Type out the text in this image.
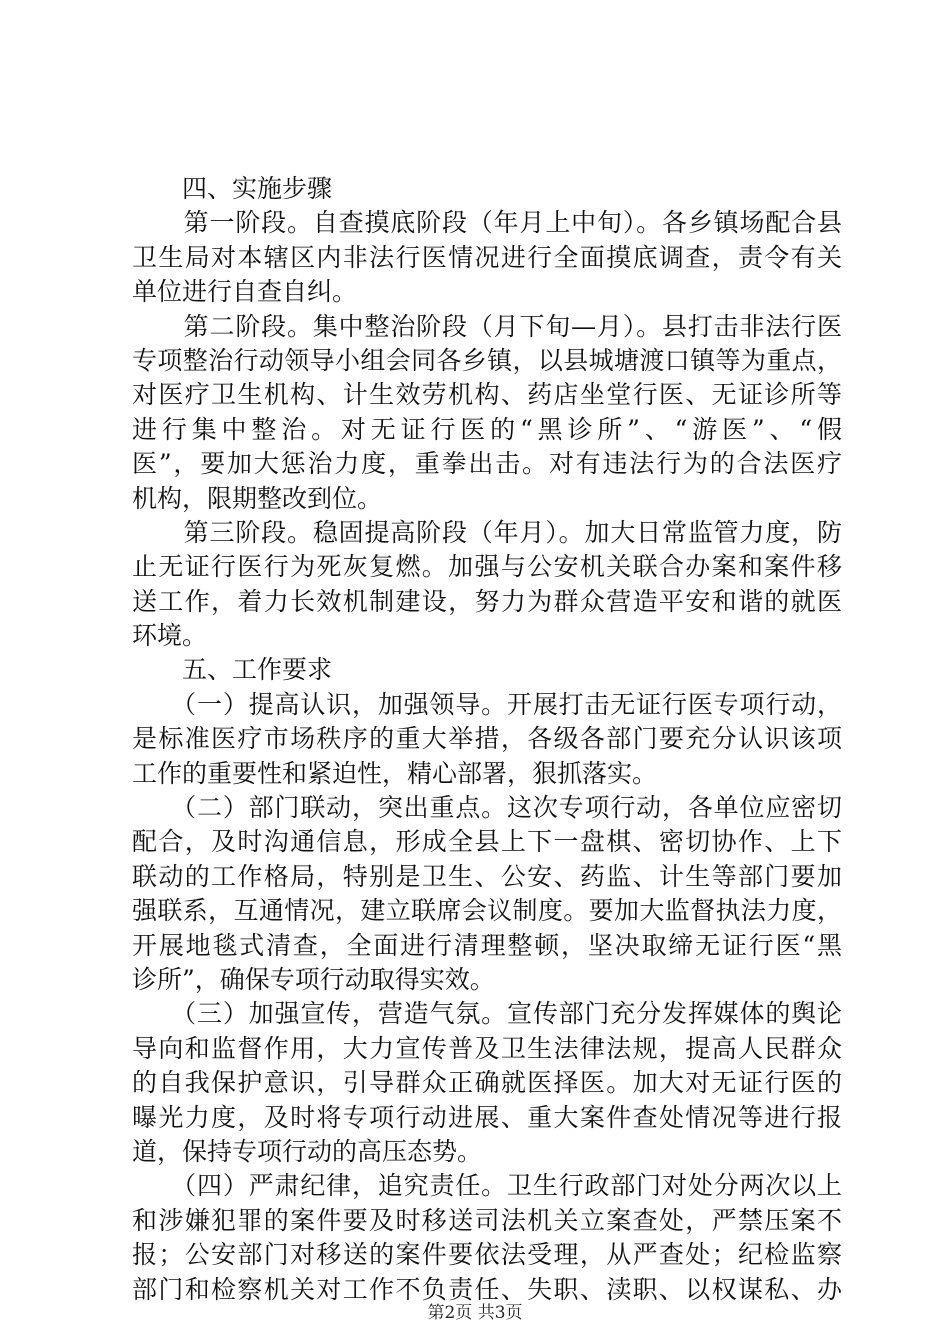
　　四、实施步骤
　　第一阶段。自查摸底阶段（年月上中旬）。各乡镇场配合县
卫生局对本辖区内非法行医情况进行全面摸底调查，责令有关
单位进行自查自纠。
　　第二阶段。集中整治阶段（月下旬—月）。县打击非法行医
专项整治行动领导小组会同各乡镇，以县城塘渡口镇等为重点，
对医疗卫生机构、计生效劳机构、药店坐堂行医、无证诊所等
进行集中整治。对无证行医的“黑诊所”、“游医”、“假
医”，要加大惩治力度，重拳出击。对有违法行为的合法医疗
机构，限期整改到位。
　　第三阶段。稳固提高阶段（年月）。加大日常监管力度，防
止无证行医行为死灰复燃。加强与公安机关联合办案和案件移
送工作，着力长效机制建设，努力为群众营造平安和谐的就医
环境。
　　五、工作要求
　　（一）提高认识，加强领导。开展打击无证行医专项行动，
是标准医疗市场秩序的重大举措，各级各部门要充分认识该项
工作的重要性和紧迫性，精心部署，狠抓落实。
　　（二）部门联动，突出重点。这次专项行动，各单位应密切
配合，及时沟通信息，形成全县上下一盘棋、密切协作、上下
联动的工作格局，特别是卫生、公安、药监、计生等部门要加
强联系，互通情况，建立联席会议制度。要加大监督执法力度，
开展地毯式清查，全面进行清理整顿，坚决取缔无证行医“黑
诊所”，确保专项行动取得实效。
　　（三）加强宣传，营造气氛。宣传部门充分发挥媒体的舆论
导向和监督作用，大力宣传普及卫生法律法规，提高人民群众
的自我保护意识，引导群众正确就医择医。加大对无证行医的
曝光力度，及时将专项行动进展、重大案件查处情况等进行报
道，保持专项行动的高压态势。
　　（四）严肃纪律，追究责任。卫生行政部门对处分两次以上
和涉嫌犯罪的案件要及时移送司法机关立案查处，严禁压案不
报；公安部门对移送的案件要依法受理，从严查处；纪检监察
部门和检察机关对工作不负责任、失职、渎职、以权谋私、办
第2页 共3页
